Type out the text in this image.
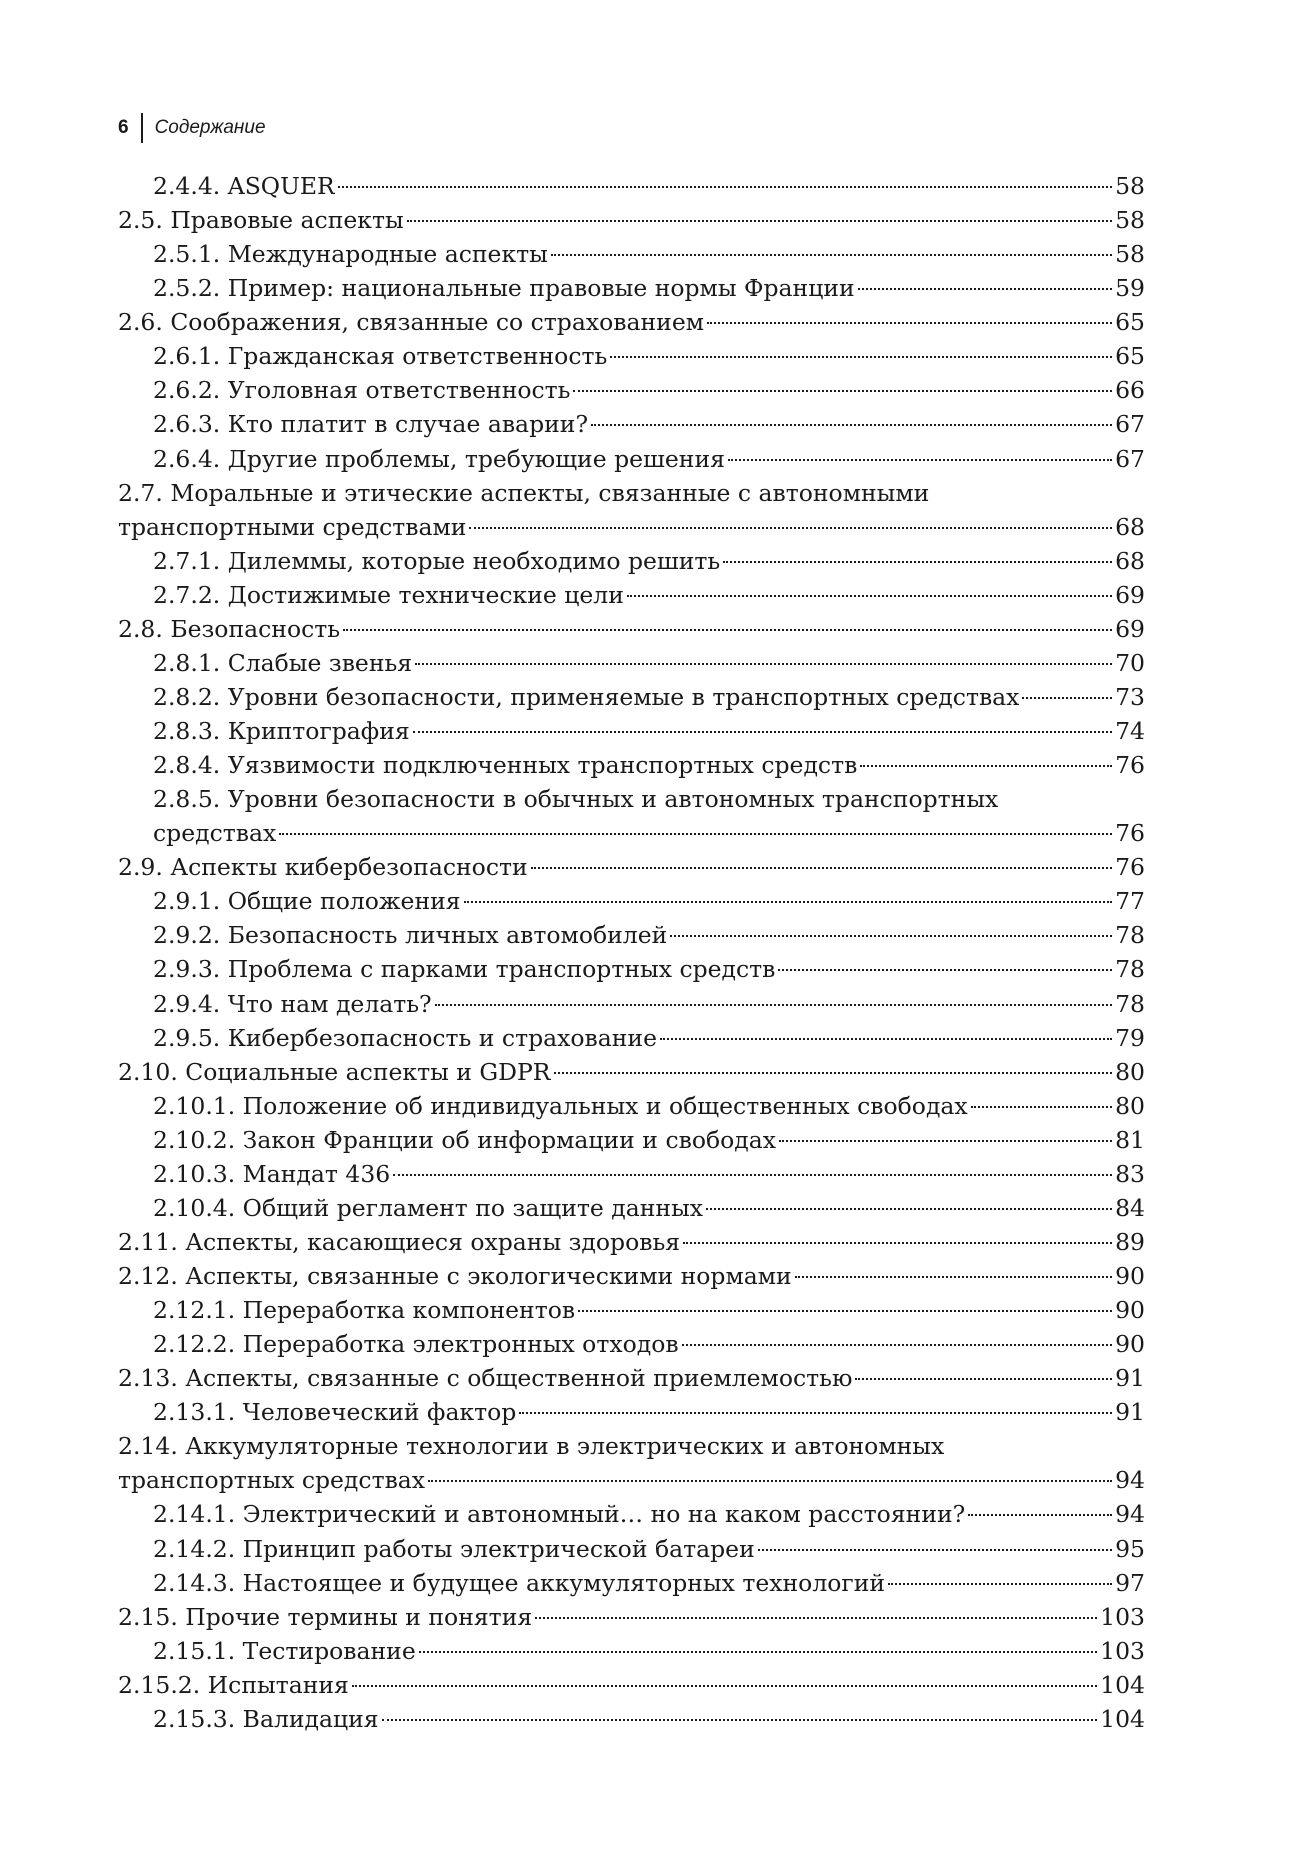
6 Содержание
2.4.4. ASQUER	58
2.5. Правовые аспекты	58
2.5.1. Международные аспекты	58
2.5.2. Пример: национальные правовые нормы Франции	59
2.6. Соображения, связанные со страхованием	65
2.6.1. Гражданская ответственность	65
2.6.2. Уголовная ответственность	66
2.6.3. Кто платит в случае аварии?	67
2.6.4. Другие проблемы, требующие решения	67
2.7. Моральные и этические аспекты, связанные с автономными
транспортными средствами	68
2.7.1. Дилеммы, которые необходимо решить	68
2.7.2. Достижимые технические цели	69
2.8. Безопасность	69
2.8.1. Слабые звенья	70
2.8.2. Уровни безопасности, применяемые в транспортных средствах	73
2.8.3. Криптография	74
2.8.4. Уязвимости подключенных транспортных средств	76
2.8.5. Уровни безопасности в обычных и автономных транспортных
средствах	76
2.9. Аспекты кибербезопасности	76
2.9.1. Общие положения	77
2.9.2. Безопасность личных автомобилей	78
2.9.3. Проблема с парками транспортных средств	78
2.9.4. Что нам делать?	78
2.9.5. Кибербезопасность и страхование	79
2.10. Социальные аспекты и GDPR	80
2.10.1. Положение об индивидуальных и общественных свободах	80
2.10.2. Закон Франции об информации и свободах	81
2.10.3. Мандат 436	83
2.10.4. Общий регламент по защите данных	84
2.11. Аспекты, касающиеся охраны здоровья	89
2.12. Аспекты, связанные с экологическими нормами	90
2.12.1. Переработка компонентов	90
2.12.2. Переработка электронных отходов	90
2.13. Аспекты, связанные с общественной приемлемостью	91
2.13.1. Человеческий фактор	91
2.14. Аккумуляторные технологии в электрических и автономных
транспортных средствах	94
2.14.1. Электрический и автономный… но на каком расстоянии?	94
2.14.2. Принцип работы электрической батареи	95
2.14.3. Настоящее и будущее аккумуляторных технологий	97
2.15. Прочие термины и понятия	103
2.15.1. Тестирование	103
2.15.2. Испытания	104
2.15.3. Валидация	104
